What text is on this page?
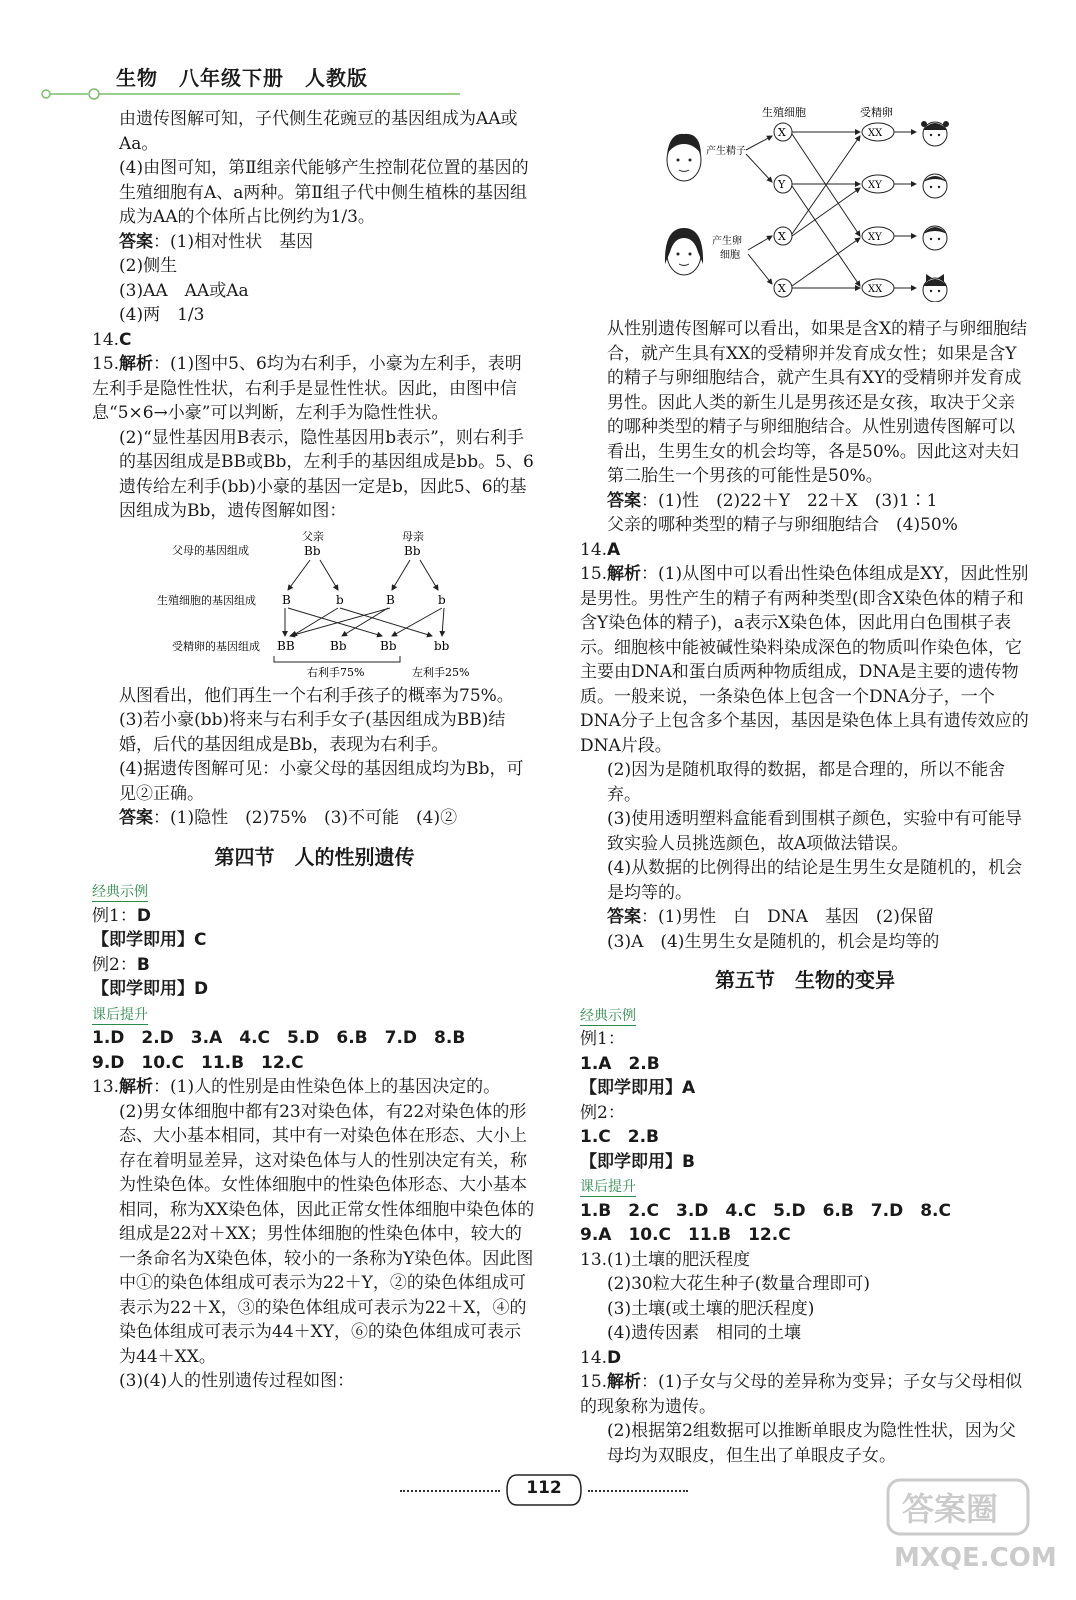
生物　八年级下册　人教版

由遗传图解可知，子代侧生花豌豆的基因组成为AA或Aa。

(4)由图可知，第Ⅱ组亲代能够产生控制花位置的基因的生殖细胞有A、a两种。第Ⅱ组子代中侧生植株的基因组成为AA的个体所占比例约为1/3。

答案：(1)相对性状　基因

(2)侧生

(3)AA　AA或Aa

(4)两　1/3

14.C

15.解析：(1)图中5、6均为右利手，小豪为左利手，表明左利手是隐性性状，右利手是显性性状。因此，由图中信息“5×6→小豪”可以判断，左利手为隐性性状。

(2)“显性基因用B表示，隐性基因用b表示”，则右利手的基因组成是BB或Bb，左利手的基因组成是bb。5、6遗传给左利手(bb)小豪的基因一定是b，因此5、6的基因组成为Bb，遗传图解如图：

父母的基因组成
生殖细胞的基因组成
受精卵的基因组成
父亲	母亲
Bb	Bb
B	b	B	b
BB	Bb	Bb	bb
右利手75%	左利手25%

从图看出，他们再生一个右利手孩子的概率为75%。

(3)若小豪(bb)将来与右利手女子(基因组成为BB)结婚，后代的基因组成是Bb，表现为右利手。

(4)据遗传图解可见：小豪父母的基因组成均为Bb，可见②正确。

答案：(1)隐性　(2)75%　(3)不可能　(4)②

第四节　人的性别遗传
经典示例

例1：D

【即学即用】C

例2：B

【即学即用】D

课后提升

1.D　2.D　3.A　4.C　5.D　6.B　7.D　8.B

9.D　10.C　11.B　12.C

13.解析：(1)人的性别是由性染色体上的基因决定的。

(2)男女体细胞中都有23对染色体，有22对染色体的形态、大小基本相同，其中有一对染色体在形态、大小上存在着明显差异，这对染色体与人的性别决定有关，称为性染色体。女性体细胞中的性染色体形态、大小基本相同，称为XX染色体，因此正常女性体细胞中染色体的组成是22对＋XX；男性体细胞的性染色体中，较大的一条命名为X染色体，较小的一条称为Y染色体。因此图中①的染色体组成可表示为22＋Y，②的染色体组成可表示为22＋X，③的染色体组成可表示为22＋X，④的染色体组成可表示为44＋XY，⑥的染色体组成可表示为44＋XX。

(3)(4)人的性别遗传过程如图：

生殖细胞	受精卵
产生精子
产生卵
细胞
X
Y
X
X
XX
XY
XY
XX

从性别遗传图解可以看出，如果是含X的精子与卵细胞结合，就产生具有XX的受精卵并发育成女性；如果是含Y的精子与卵细胞结合，就产生具有XY的受精卵并发育成男性。因此人类的新生儿是男孩还是女孩，取决于父亲的哪种类型的精子与卵细胞结合。从性别遗传图解可以看出，生男生女的机会均等，各是50%。因此这对夫妇第二胎生一个男孩的可能性是50%。

答案：(1)性　(2)22＋Y　22＋X　(3)1∶1

父亲的哪种类型的精子与卵细胞结合　(4)50%

14.A

15.解析：(1)从图中可以看出性染色体组成是XY，因此性别是男性。男性产生的精子有两种类型(即含X染色体的精子和含Y染色体的精子)，a表示X染色体，因此用白色围棋子表示。细胞核中能被碱性染料染成深色的物质叫作染色体，它主要由DNA和蛋白质两种物质组成，DNA是主要的遗传物质。一般来说，一条染色体上包含一个DNA分子，一个DNA分子上包含多个基因，基因是染色体上具有遗传效应的DNA片段。

(2)因为是随机取得的数据，都是合理的，所以不能舍弃。

(3)使用透明塑料盒能看到围棋子颜色，实验中有可能导致实验人员挑选颜色，故A项做法错误。

(4)从数据的比例得出的结论是生男生女是随机的，机会是均等的。

答案：(1)男性　白　DNA　基因　(2)保留

(3)A　(4)生男生女是随机的，机会是均等的

第五节　生物的变异
经典示例

例1：

1.A　2.B

【即学即用】A

例2：

1.C　2.B

【即学即用】B

课后提升

1.B　2.C　3.D　4.C　5.D　6.B　7.D　8.C

9.A　10.C　11.B　12.C

13.(1)土壤的肥沃程度

(2)30粒大花生种子(数量合理即可)

(3)土壤(或土壤的肥沃程度)

(4)遗传因素　相同的土壤

14.D

15.解析：(1)子女与父母的差异称为变异；子女与父母相似的现象称为遗传。

(2)根据第2组数据可以推断单眼皮为隐性性状，因为父母均为双眼皮，但生出了单眼皮子女。

112
答案圈
MXQE.COM
